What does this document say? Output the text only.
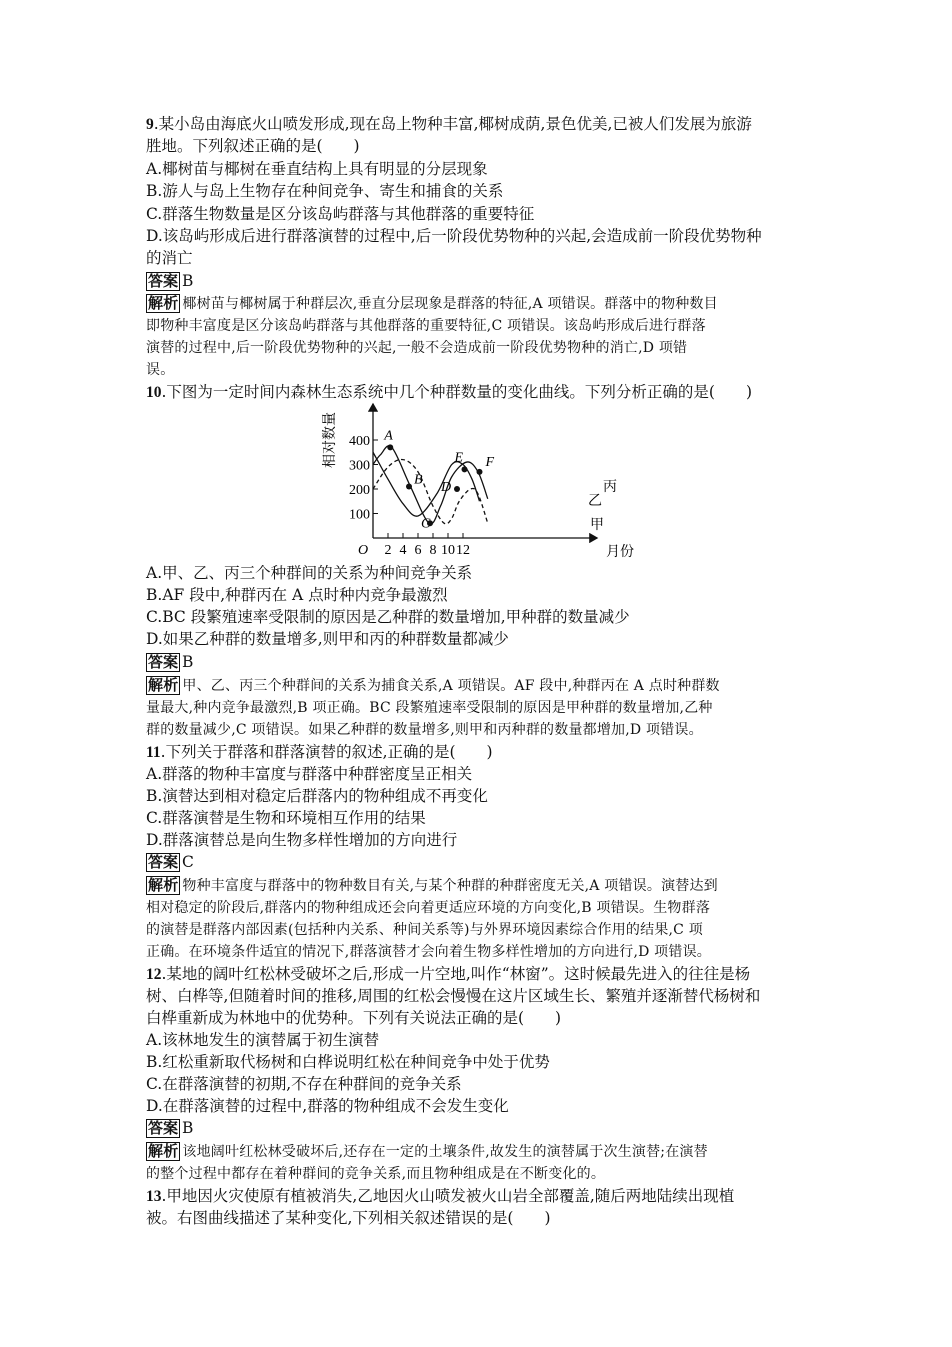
9.某小岛由海底火山喷发形成,现在岛上物种丰富,椰树成荫,景色优美,已被人们发展为旅游
胜地。下列叙述正确的是(　　)
A.椰树苗与椰树在垂直结构上具有明显的分层现象
B.游人与岛上生物存在种间竞争、寄生和捕食的关系
C.群落生物数量是区分该岛屿群落与其他群落的重要特征
D.该岛屿形成后进行群落演替的过程中,后一阶段优势物种的兴起,会造成前一阶段优势物种
的消亡
答案 B
解析 椰树苗与椰树属于种群层次,垂直分层现象是群落的特征,A 项错误。群落中的物种数目
即物种丰富度是区分该岛屿群落与其他群落的重要特征,C 项错误。该岛屿形成后进行群落
演替的过程中,后一阶段优势物种的兴起,一般不会造成前一阶段优势物种的消亡,D 项错
误。
10.下图为一定时间内森林生态系统中几个种群数量的变化曲线。下列分析正确的是(　　)
100
200
300
400
2 4 6 8 10 12
A
B
C
D
E F
相对数量
月份
O
丙
乙
甲
A.甲、乙、丙三个种群间的关系为种间竞争关系
B.AF 段中,种群丙在 A 点时种内竞争最激烈
C.BC 段繁殖速率受限制的原因是乙种群的数量增加,甲种群的数量减少
D.如果乙种群的数量增多,则甲和丙的种群数量都减少
答案 B
解析 甲、乙、丙三个种群间的关系为捕食关系,A 项错误。AF 段中,种群丙在 A 点时种群数
量最大,种内竞争最激烈,B 项正确。BC 段繁殖速率受限制的原因是甲种群的数量增加,乙种
群的数量减少,C 项错误。如果乙种群的数量增多,则甲和丙种群的数量都增加,D 项错误。
11.下列关于群落和群落演替的叙述,正确的是(　　)
A.群落的物种丰富度与群落中种群密度呈正相关
B.演替达到相对稳定后群落内的物种组成不再变化
C.群落演替是生物和环境相互作用的结果
D.群落演替总是向生物多样性增加的方向进行
答案 C
解析 物种丰富度与群落中的物种数目有关,与某个种群的种群密度无关,A 项错误。演替达到
相对稳定的阶段后,群落内的物种组成还会向着更适应环境的方向变化,B 项错误。生物群落
的演替是群落内部因素(包括种内关系、种间关系等)与外界环境因素综合作用的结果,C 项
正确。在环境条件适宜的情况下,群落演替才会向着生物多样性增加的方向进行,D 项错误。
12.某地的阔叶红松林受破坏之后,形成一片空地,叫作“林窗”。这时候最先进入的往往是杨
树、白桦等,但随着时间的推移,周围的红松会慢慢在这片区域生长、繁殖并逐渐替代杨树和
白桦重新成为林地中的优势种。下列有关说法正确的是(　　)
A.该林地发生的演替属于初生演替
B.红松重新取代杨树和白桦说明红松在种间竞争中处于优势
C.在群落演替的初期,不存在种群间的竞争关系
D.在群落演替的过程中,群落的物种组成不会发生变化
答案 B
解析 该地阔叶红松林受破坏后,还存在一定的土壤条件,故发生的演替属于次生演替;在演替
的整个过程中都存在着种群间的竞争关系,而且物种组成是在不断变化的。
13.甲地因火灾使原有植被消失,乙地因火山喷发被火山岩全部覆盖,随后两地陆续出现植
被。右图曲线描述了某种变化,下列相关叙述错误的是(　　)
